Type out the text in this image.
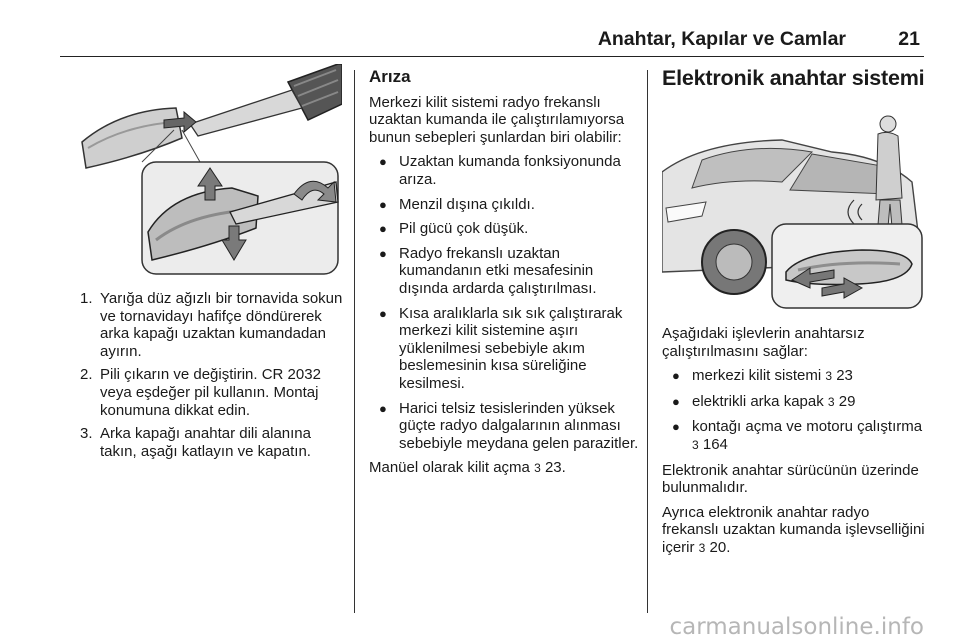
Anahtar, Kapılar ve Camlar	21
1. Yarığa düz ağızlı bir tornavida sokun ve tornavidayı hafifçe döndürerek arka kapağı uzaktan kumandadan ayırın.
2. Pili çıkarın ve değiştirin. CR 2032 veya eşdeğer pil kullanın. Montaj konumuna dikkat edin.
3. Arka kapağı anahtar dili alanına takın, aşağı katlayın ve kapatın.
Arıza

Merkezi kilit sistemi radyo frekanslı uzaktan kumanda ile çalıştırılamıyorsa bunun sebepleri şunlardan biri olabilir:

● Uzaktan kumanda fonksiyonunda arıza.
● Menzil dışına çıkıldı.
● Pil gücü çok düşük.
● Radyo frekanslı uzaktan kumandanın etki mesafesinin dışında ardarda çalıştırılması.
● Kısa aralıklarla sık sık çalıştırarak merkezi kilit sistemine aşırı yüklenilmesi sebebiyle akım beslemesinin kısa süreliğine kesilmesi.
● Harici telsiz tesislerinden yüksek güçte radyo dalgalarının alınması sebebiyle meydana gelen parazitler.

Manüel olarak kilit açma 3 23.

Elektronik anahtar sistemi

Aşağıdaki işlevlerin anahtarsız çalıştırılmasını sağlar:

● merkezi kilit sistemi 3 23
● elektrikli arka kapak 3 29
● kontağı açma ve motoru çalıştırma 3 164

Elektronik anahtar sürücünün üzerinde bulunmalıdır.

Ayrıca elektronik anahtar radyo frekanslı uzaktan kumanda işlevselliğini içerir 3 20.

carmanualsonline.info
